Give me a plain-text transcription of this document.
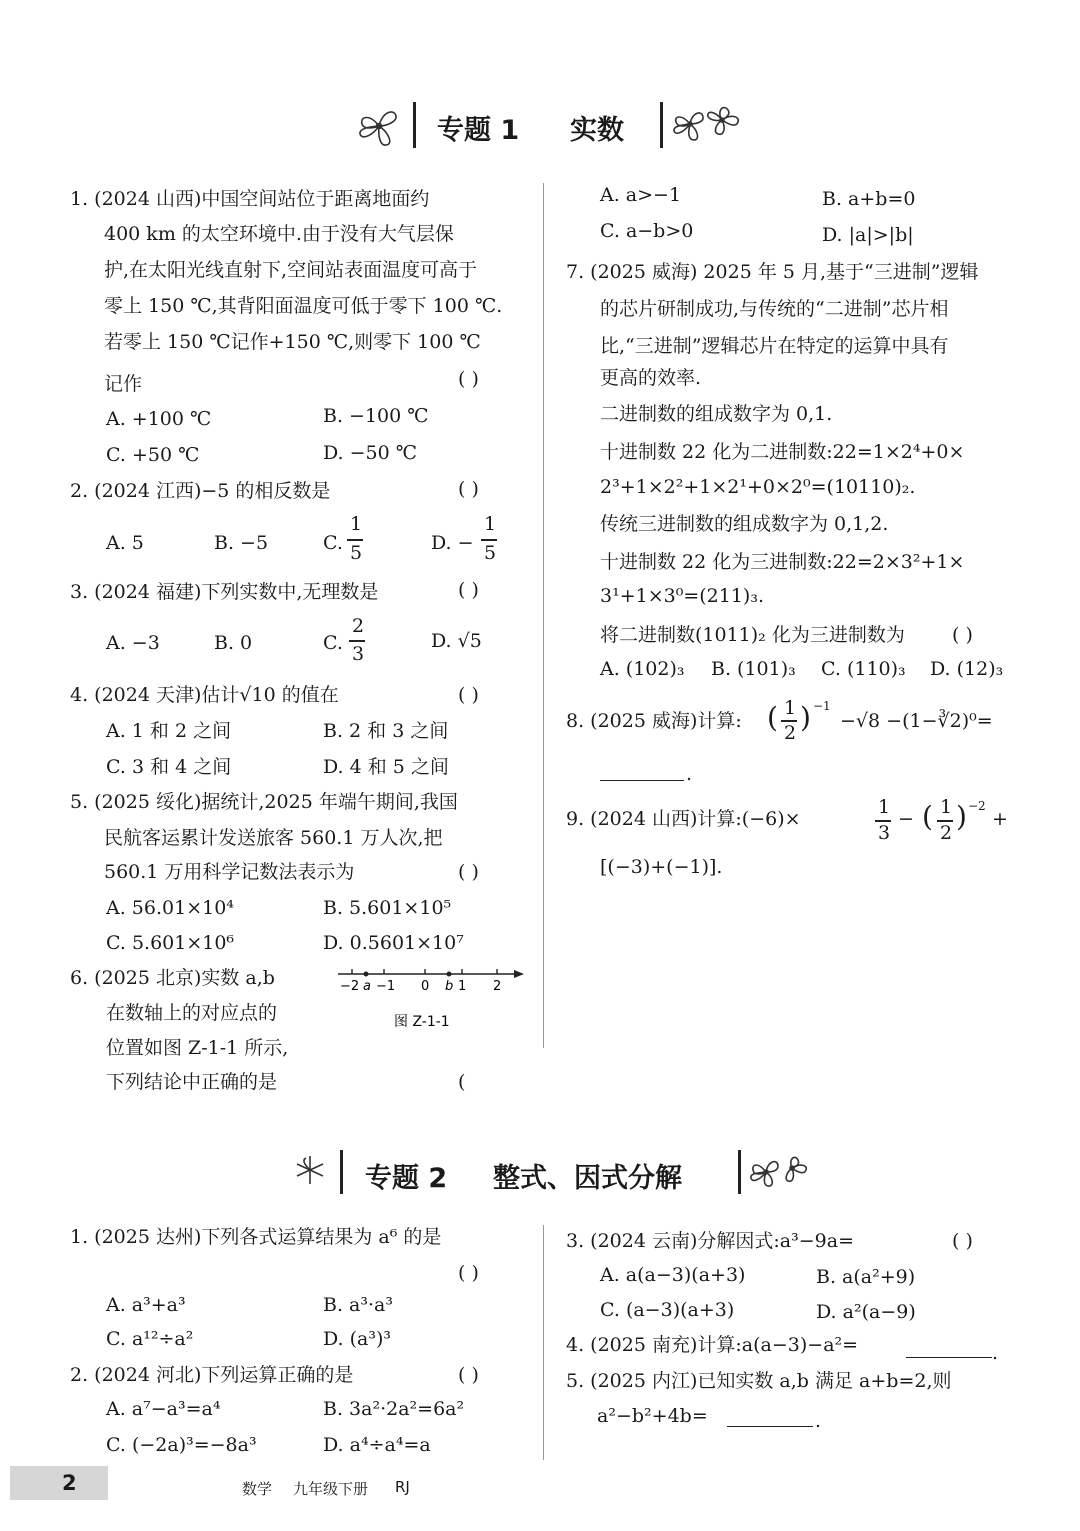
专题 1 实数
1. (2024 山西)中国空间站位于距离地面约
400 km 的太空环境中.由于没有大气层保
护,在太阳光线直射下,空间站表面温度可高于
零上 150 ℃,其背阳面温度可低于零下 100 ℃.
若零上 150 ℃记作+150 ℃,则零下 100 ℃
记作	( )
A. +100 ℃	B. −100 ℃
C. +50 ℃	D. −50 ℃
2. (2024 江西)−5 的相反数是	( )
A. 5	B. −5	C.
1
5	D. −
1
5
3. (2024 福建)下列实数中,无理数是	( )
A. −3	B. 0	C.
2
3
D. √5
4. (2024 天津)估计√10 的值在	( )
A. 1 和 2 之间	B. 2 和 3 之间
C. 3 和 4 之间	D. 4 和 5 之间
5. (2025 绥化)据统计,2025 年端午期间,我国
民航客运累计发送旅客 560.1 万人次,把
560.1 万用科学记数法表示为	( )
A. 56.01×10⁴	B. 5.601×10⁵
C. 5.601×10⁶	D. 0.5601×10⁷
6. (2025 北京)实数 a,b
在数轴上的对应点的
位置如图 Z-1-1 所示,
下列结论中正确的是	(
−2 a −1 0 b 1 2
图 Z-1-1
A. a>−1	B. a+b=0
C. a−b>0	D. |a|>|b|
7. (2025 威海) 2025 年 5 月,基于“三进制”逻辑
的芯片研制成功,与传统的“二进制”芯片相
比,“三进制”逻辑芯片在特定的运算中具有
更高的效率.
二进制数的组成数字为 0,1.
十进制数 22 化为二进制数:22=1×2⁴+0×
2³+1×2²+1×2¹+0×2⁰=(10110)₂.
传统三进制数的组成数字为 0,1,2.
十进制数 22 化为三进制数:22=2×3²+1×
3¹+1×3⁰=(211)₃.
将二进制数(1011)₂ 化为三进制数为 ( )
A. (102)₃ B. (101)₃ C. (110)₃ D. (12)₃
8. (2025 威海)计算: ( 1
2 ) −1
−√8 −(1−∛2)⁰=
.
9. (2024 山西)计算:(−6)×
1
3
− ( 1
2 ) −2
+
[(−3)+(−1)].
专题 2 整式、因式分解
1. (2025 达州)下列各式运算结果为 a⁶ 的是
( )
A. a³+a³	B. a³·a³
C. a¹²÷a²	D. (a³)³
2. (2024 河北)下列运算正确的是	( )
A. a⁷−a³=a⁴	B. 3a²·2a²=6a²
C. (−2a)³=−8a³	D. a⁴÷a⁴=a
3. (2024 云南)分解因式:a³−9a=	( )
A. a(a−3)(a+3)	B. a(a²+9)
C. (a−3)(a+3)	D. a²(a−9)
4. (2025 南充)计算:a(a−3)−a²=	.
5. (2025 内江)已知实数 a,b 满足 a+b=2,则
a²−b²+4b=	.
2	数学 九年级下册 RJ
